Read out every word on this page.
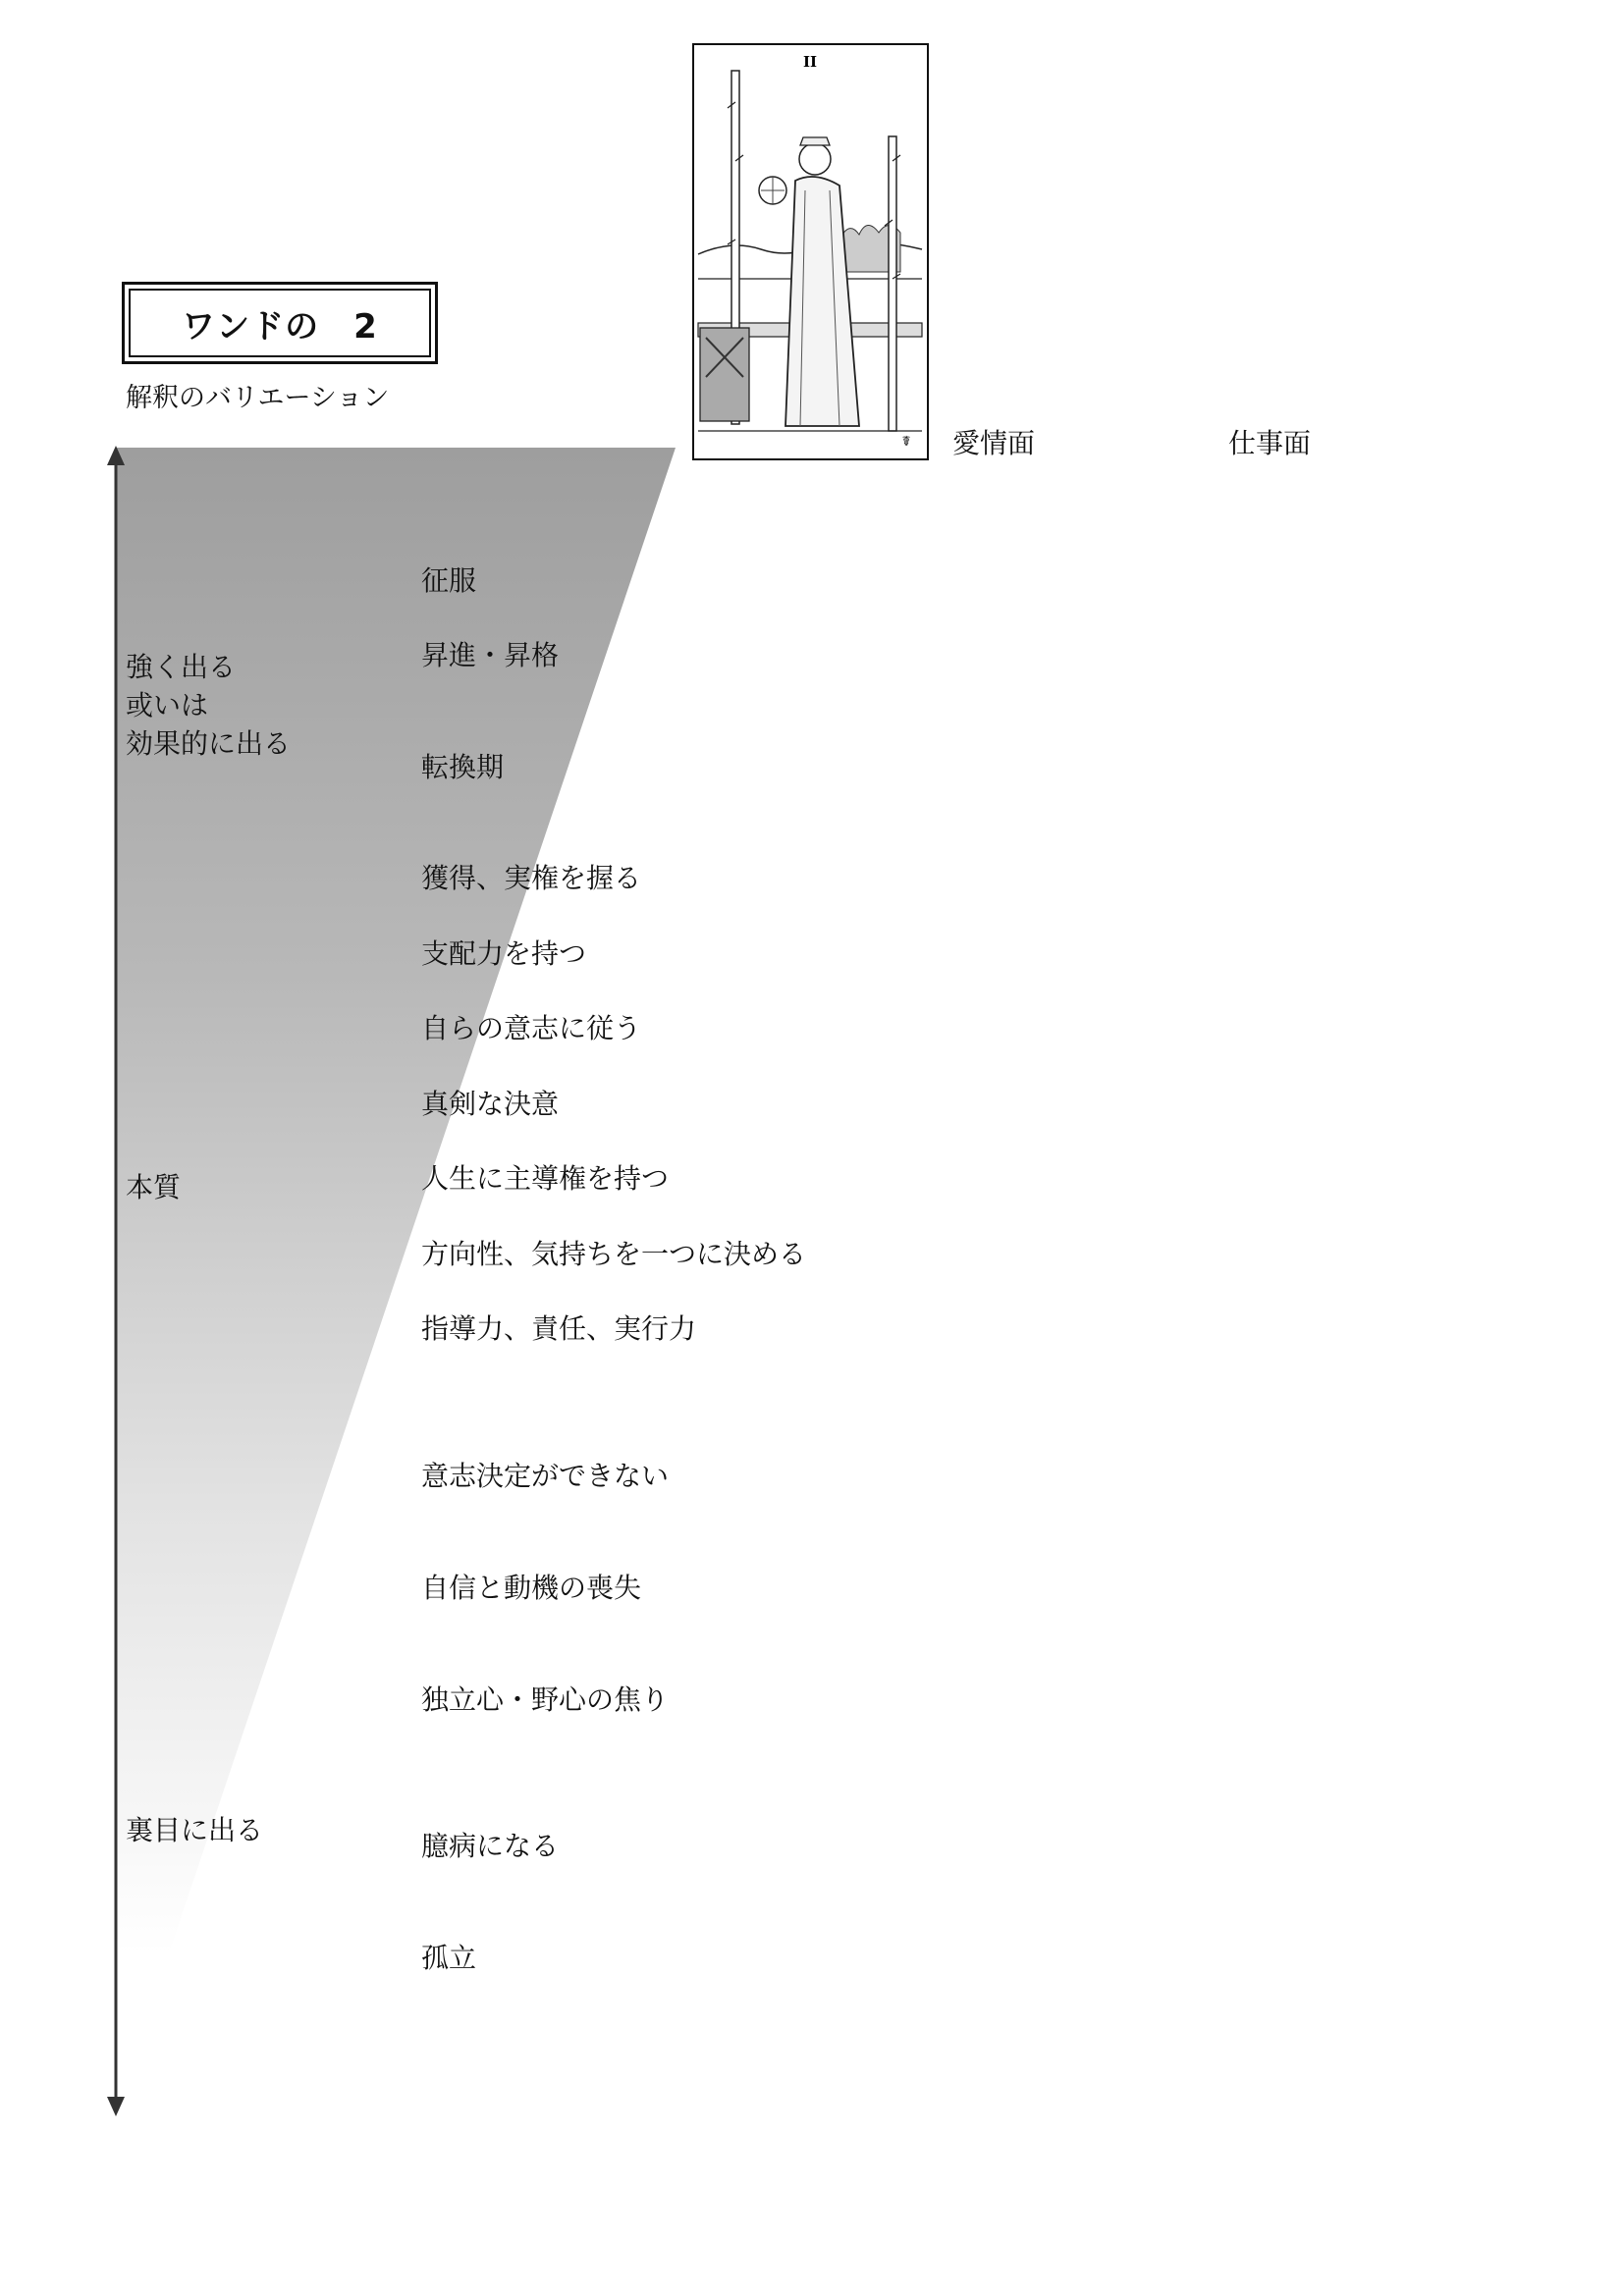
ワンドの　2
解釈のバリエーション
II
☤ 愛情面	仕事面
強く出る
或いは
効果的に出る
本質
裏目に出る
征服
昇進・昇格
転換期
獲得、実権を握る
支配力を持つ
自らの意志に従う
真剣な決意
人生に主導権を持つ
方向性、気持ちを一つに決める
指導力、責任、実行力
意志決定ができない
自信と動機の喪失
独立心・野心の焦り
臆病になる
孤立
